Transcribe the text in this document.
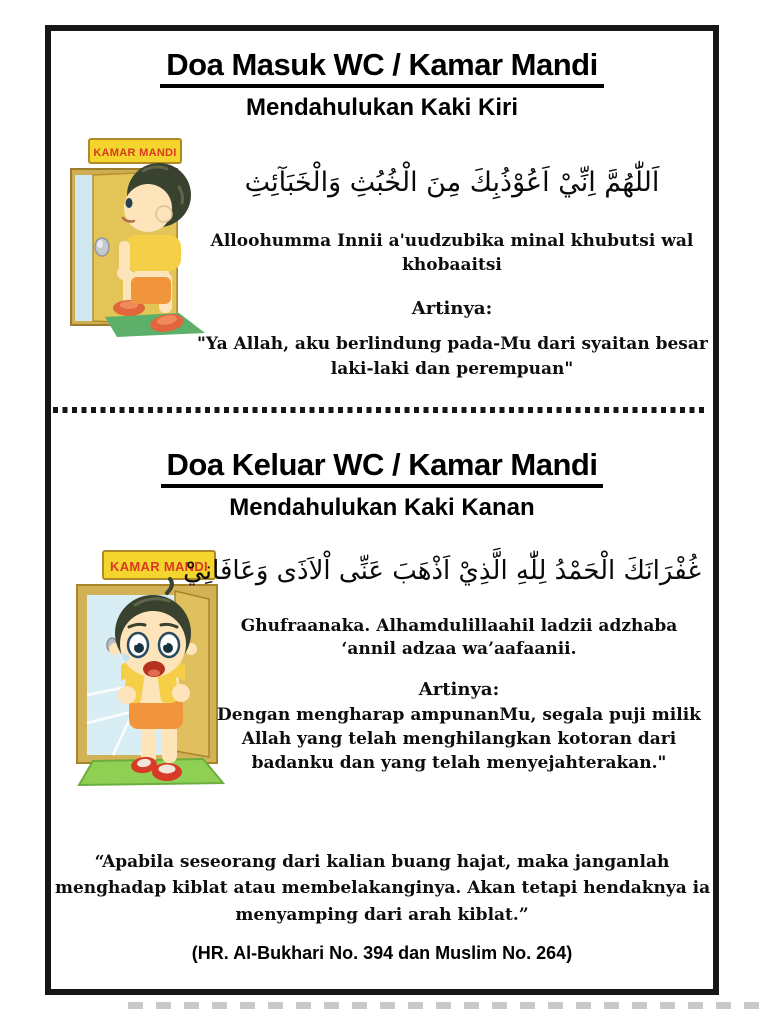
Doa Masuk WC / Kamar Mandi
Mendahulukan Kaki Kiri
KAMAR MANDI
اَللّٰهُمَّ اِنِّيْ اَعُوْذُبِكَ مِنَ الْخُبُثِ وَالْخَبَآئِثِ
Alloohumma Innii a'uudzubika minal khubutsi wal
khobaaitsi
Artinya:
"Ya Allah, aku berlindung pada-Mu dari syaitan besar
laki-laki dan perempuan"
Doa Keluar WC / Kamar Mandi
Mendahulukan Kaki Kanan
KAMAR MANDI
غُفْرَانَكَ الْحَمْدُ لِلّٰهِ الَّذِيْ اَذْهَبَ عَنِّى اْلاَذَى وَعَافَانِيْ
Ghufraanaka. Alhamdulillaahil ladzii adzhaba
‘annil adzaa wa’aafaanii.
Artinya:
Dengan mengharap ampunanMu, segala puji milik
Allah yang telah menghilangkan kotoran dari
badanku dan yang telah menyejahterakan."
“Apabila seseorang dari kalian buang hajat, maka janganlah
menghadap kiblat atau membelakanginya. Akan tetapi hendaknya ia
menyamping dari arah kiblat.”
(HR. Al-Bukhari No. 394 dan Muslim No. 264)
